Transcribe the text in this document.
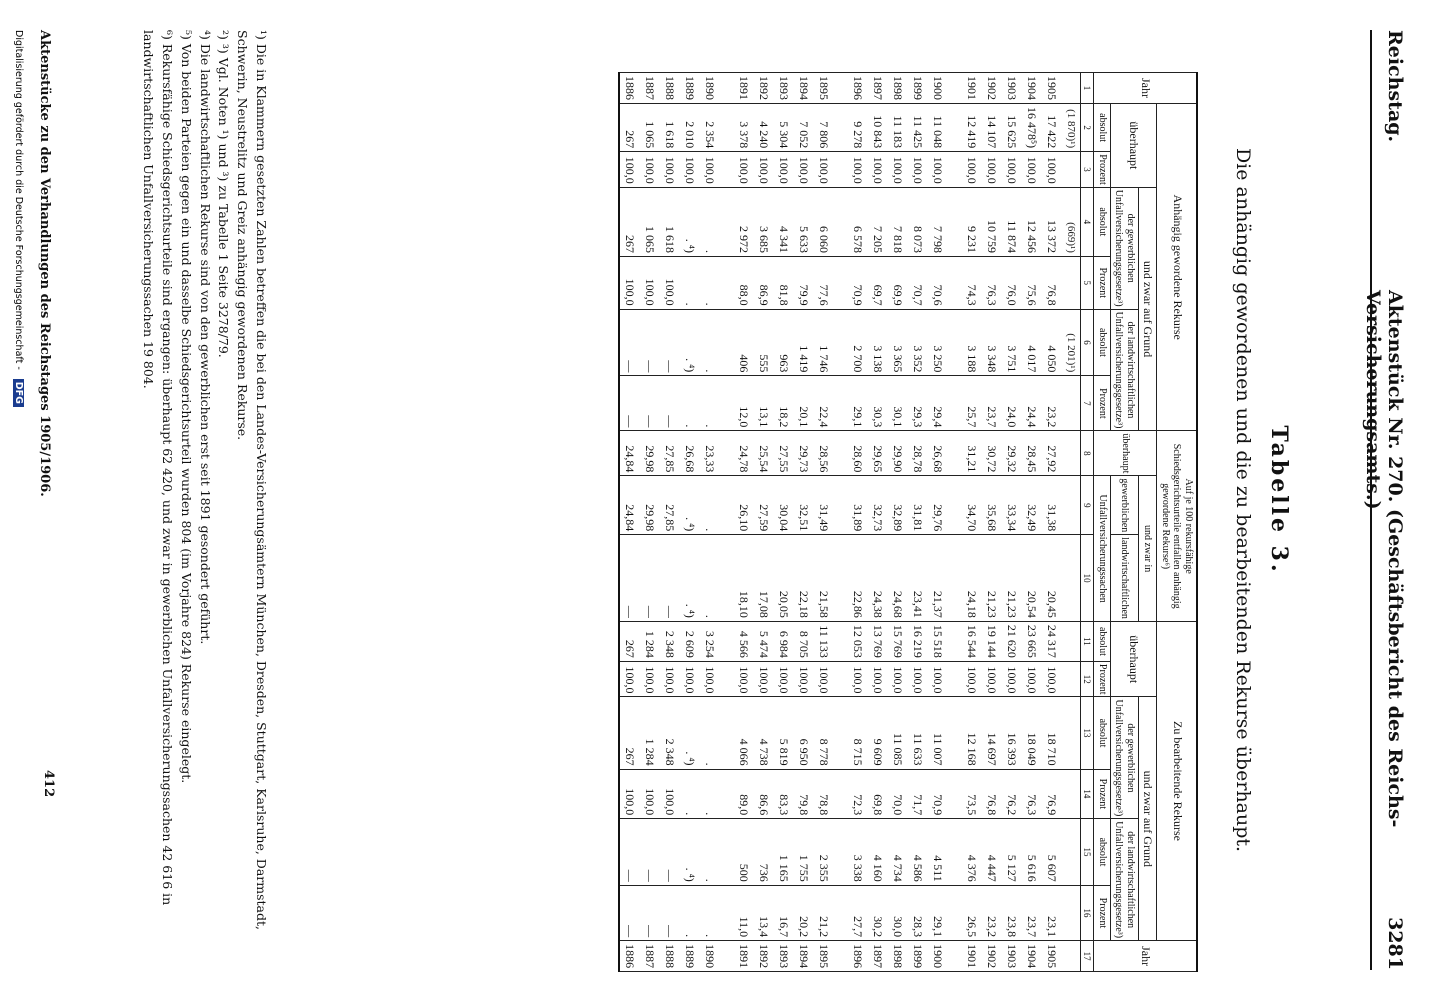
Reichstag.
Aktenstück Nr. 270. (Geschäftsbericht des Reichs-Versicherungsamts.)
3281
Tabelle 3.
Die anhängig gewordenen und die zu bearbeitenden Rekurse überhaupt.
Jahr	Anhängig gewordene Rekurse						Auf je 100 rekursfähige Schiedsgerichtsurteile entfallen anhängig gewordene Rekurse⁶)			Zu bearbeitende Rekurse						Jahr
	überhaupt		und zwar auf Grund				überhaupt	und zwar in		überhaupt		und zwar auf Grund				
			der gewerblichen Unfallversicherungsgesetze³)		der landwirtschaftlichen Unfallversicherungsgesetze³)			gewerblichen	landwirtschaftlichen			der gewerblichen Unfallversicherungsgesetze³)		der landwirtschaftlichen Unfallversicherungsgesetze³)		
	absolut	Prozent	absolut	Prozent	absolut	Prozent		Unfallversicherungssachen		absolut	Prozent	absolut	Prozent	absolut	Prozent	
1	2	3	4	5	6	7	8	9	10	11	12	13	14	15	16	17
	(1 870)¹)		(669)¹)		(1 201)¹)											
1905	17 422	100,0	13 372	76,8	4 050	23,2	27,92	31,38	20,45	24 317	100,0	18 710	76,9	5 607	23,1	1905
1904	16 478⁵)	100,0	12 456	75,6	4 017	24,4	28,45	32,49	20,54	23 665	100,0	18 049	76,3	5 616	23,7	1904
1903	15 625	100,0	11 874	76,0	3 751	24,0	29,32	33,34	21,23	21 620	100,0	16 393	76,2	5 127	23,8	1903
1902	14 107	100,0	10 759	76,3	3 348	23,7	30,72	35,68	21,23	19 144	100,0	14 697	76,8	4 447	23,2	1902
1901	12 419	100,0	9 231	74,3	3 188	25,7	31,21	34,70	24,18	16 544	100,0	12 168	73,5	4 376	26,5	1901

1900	11 048	100,0	7 798	70,6	3 250	29,4	26,68	29,76	21,37	15 518	100,0	11 007	70,9	4 511	29,1	1900
1899	11 425	100,0	8 073	70,7	3 352	29,3	28,78	31,81	23,41	16 219	100,0	11 633	71,7	4 586	28,3	1899
1898	11 183	100,0	7 818	69,9	3 365	30,1	29,90	32,89	24,68	15 769	100,0	11 085	70,0	4 734	30,0	1898
1897	10 843	100,0	7 205	69,7	3 138	30,3	29,65	32,73	24,38	13 769	100,0	9 609	69,8	4 160	30,2	1897
1896	9 278	100,0	6 578	70,9	2 700	29,1	28,60	31,89	22,86	12 053	100,0	8 715	72,3	3 338	27,7	1896

1895	7 806	100,0	6 060	77,6	1 746	22,4	28,56	31,49	21,58	11 133	100,0	8 778	78,8	2 355	21,2	1895
1894	7 052	100,0	5 633	79,9	1 419	20,1	29,73	32,51	22,18	8 705	100,0	6 950	79,8	1 755	20,2	1894
1893	5 304	100,0	4 341	81,8	963	18,2	27,55	30,04	20,05	6 984	100,0	5 819	83,3	1 165	16,7	1893
1892	4 240	100,0	3 685	86,9	555	13,1	25,54	27,59	17,08	5 474	100,0	4 738	86,6	736	13,4	1892
1891	3 378	100,0	2 972	88,0	406	12,0	24,78	26,10	18,10	4 566	100,0	4 066	89,0	500	11,0	1891

1890	2 354	100,0	.	.	.	.	23,33	.	.	3 254	100,0	.	.	.	.	1890
1889	2 010	100,0	. ⁴)	.	. ⁴)	.	26,68	. ⁴)	. ⁴)	2 609	100,0	. ⁴)	.	. ⁴)	.	1889
1888	1 618	100,0	1 618	100,0	—	—	27,85	27,85	—	2 348	100,0	2 348	100,0	—	—	1888
1887	1 065	100,0	1 065	100,0	—	—	29,98	29,98	—	1 284	100,0	1 284	100,0	—	—	1887
1886	267	100,0	267	100,0	—	—	24,84	24,84	—	267	100,0	267	100,0	—	—	1886
¹) Die in Klammern gesetzten Zahlen betreffen die bei den Landes-Versicherungsämtern München, Dresden, Stuttgart, Karlsruhe, Darmstadt, Schwerin, Neustrelitz und Greiz anhängig gewordenen Rekurse.
²) ³) Vgl. Noten ¹) und ³) zu Tabelle 1 Seite 3278/79.
⁴) Die landwirtschaftlichen Rekurse sind von den gewerblichen erst seit 1891 gesondert geführt.
⁵) Von beiden Parteien gegen ein und dasselbe Schiedsgerichtsurteil wurden 804 (im Vorjahre 824) Rekurse eingelegt.
⁶) Rekursfähige Schiedsgerichtsurteile sind ergangen: überhaupt 62 420, und zwar in gewerblichen Unfallversicherungssachen 42 616 in landwirtschaftlichen Unfallversicherungssachen 19 804.
Aktenstücke zu den Verhandlungen des Reichstages 1905/1906.
412
Digitalisierung gefördert durch die Deutsche Forschungsgemeinschaft - DFG
